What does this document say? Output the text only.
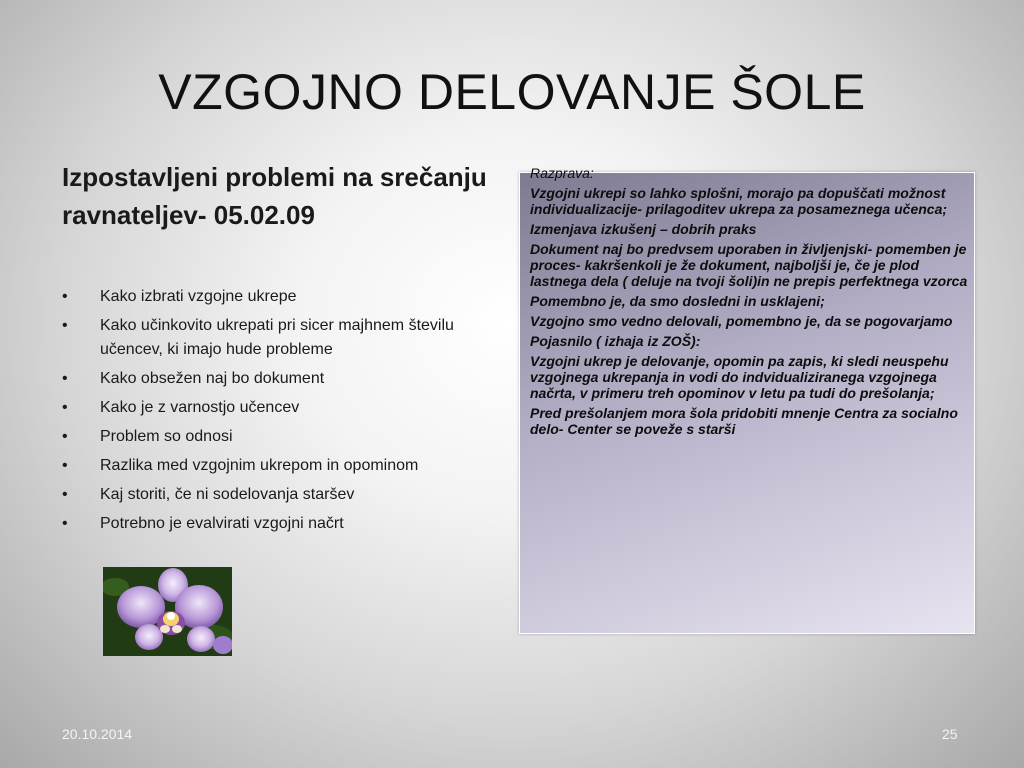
VZGOJNO DELOVANJE ŠOLE
Izpostavljeni problemi na srečanju ravnateljev- 05.02.09
• Kako izbrati vzgojne ukrepe
• Kako učinkovito ukrepati pri sicer majhnem številu učencev, ki imajo hude probleme
• Kako obsežen naj bo dokument
• Kako je z varnostjo učencev
• Problem so odnosi
• Razlika med vzgojnim ukrepom in opominom
• Kaj storiti, če ni sodelovanja staršev
• Potrebno je evalvirati vzgojni načrt

Razprava:

Vzgojni ukrepi so lahko splošni, morajo pa dopuščati možnost individualizacije- prilagoditev ukrepa za posameznega učenca;

Izmenjava izkušenj – dobrih praks

Dokument naj bo predvsem uporaben in življenjski- pomemben je proces- kakršenkoli je že dokument, najboljši je, če je plod lastnega dela ( deluje na tvoji šoli)in ne prepis perfektnega vzorca

Pomembno je, da smo dosledni in usklajeni;

Vzgojno smo vedno delovali, pomembno je, da se pogovarjamo

Pojasnilo ( izhaja iz ZOŠ):

Vzgojni ukrep je delovanje, opomin pa zapis, ki sledi neuspehu vzgojnega ukrepanja in vodi do indvidualiziranega vzgojnega načrta, v primeru treh opominov v letu pa tudi do prešolanja;

Pred prešolanjem mora šola pridobiti mnenje Centra za socialno delo- Center se poveže s starši

20.10.2014	25
